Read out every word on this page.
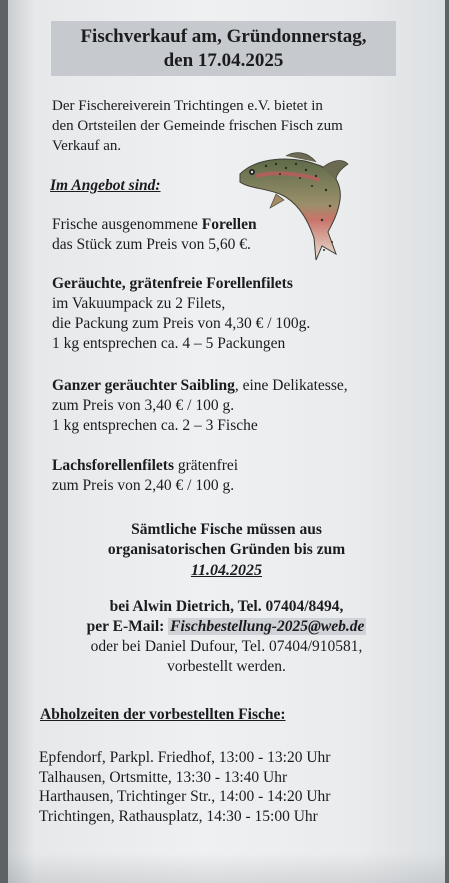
Fischverkauf am, Gründonnerstag,
den 17.04.2025
Der Fischereiverein Trichtingen e.V. bietet in
den Ortsteilen der Gemeinde frischen Fisch zum
Verkauf an.
Im Angebot sind:
Frische ausgenommene Forellen
das Stück zum Preis von 5,60 €.
Geräuchte, grätenfreie Forellenfilets
im Vakuumpack zu 2 Filets,
die Packung zum Preis von 4,30 € / 100g.
1 kg entsprechen ca. 4 – 5 Packungen
Ganzer geräuchter Saibling, eine Delikatesse,
zum Preis von 3,40 € / 100 g.
1 kg entsprechen ca. 2 – 3 Fische
Lachsforellenfilets grätenfrei
zum Preis von 2,40 € / 100 g.
Sämtliche Fische müssen aus
organisatorischen Gründen bis zum
11.04.2025
bei Alwin Dietrich, Tel. 07404/8494,
per E-Mail: Fischbestellung-2025@web.de
oder bei Daniel Dufour, Tel. 07404/910581,
vorbestellt werden.
Abholzeiten der vorbestellten Fische:
Epfendorf, Parkpl. Friedhof, 13:00 - 13:20 Uhr
Talhausen, Ortsmitte, 13:30 - 13:40 Uhr
Harthausen, Trichtinger Str., 14:00 - 14:20 Uhr
Trichtingen, Rathausplatz, 14:30 - 15:00 Uhr
